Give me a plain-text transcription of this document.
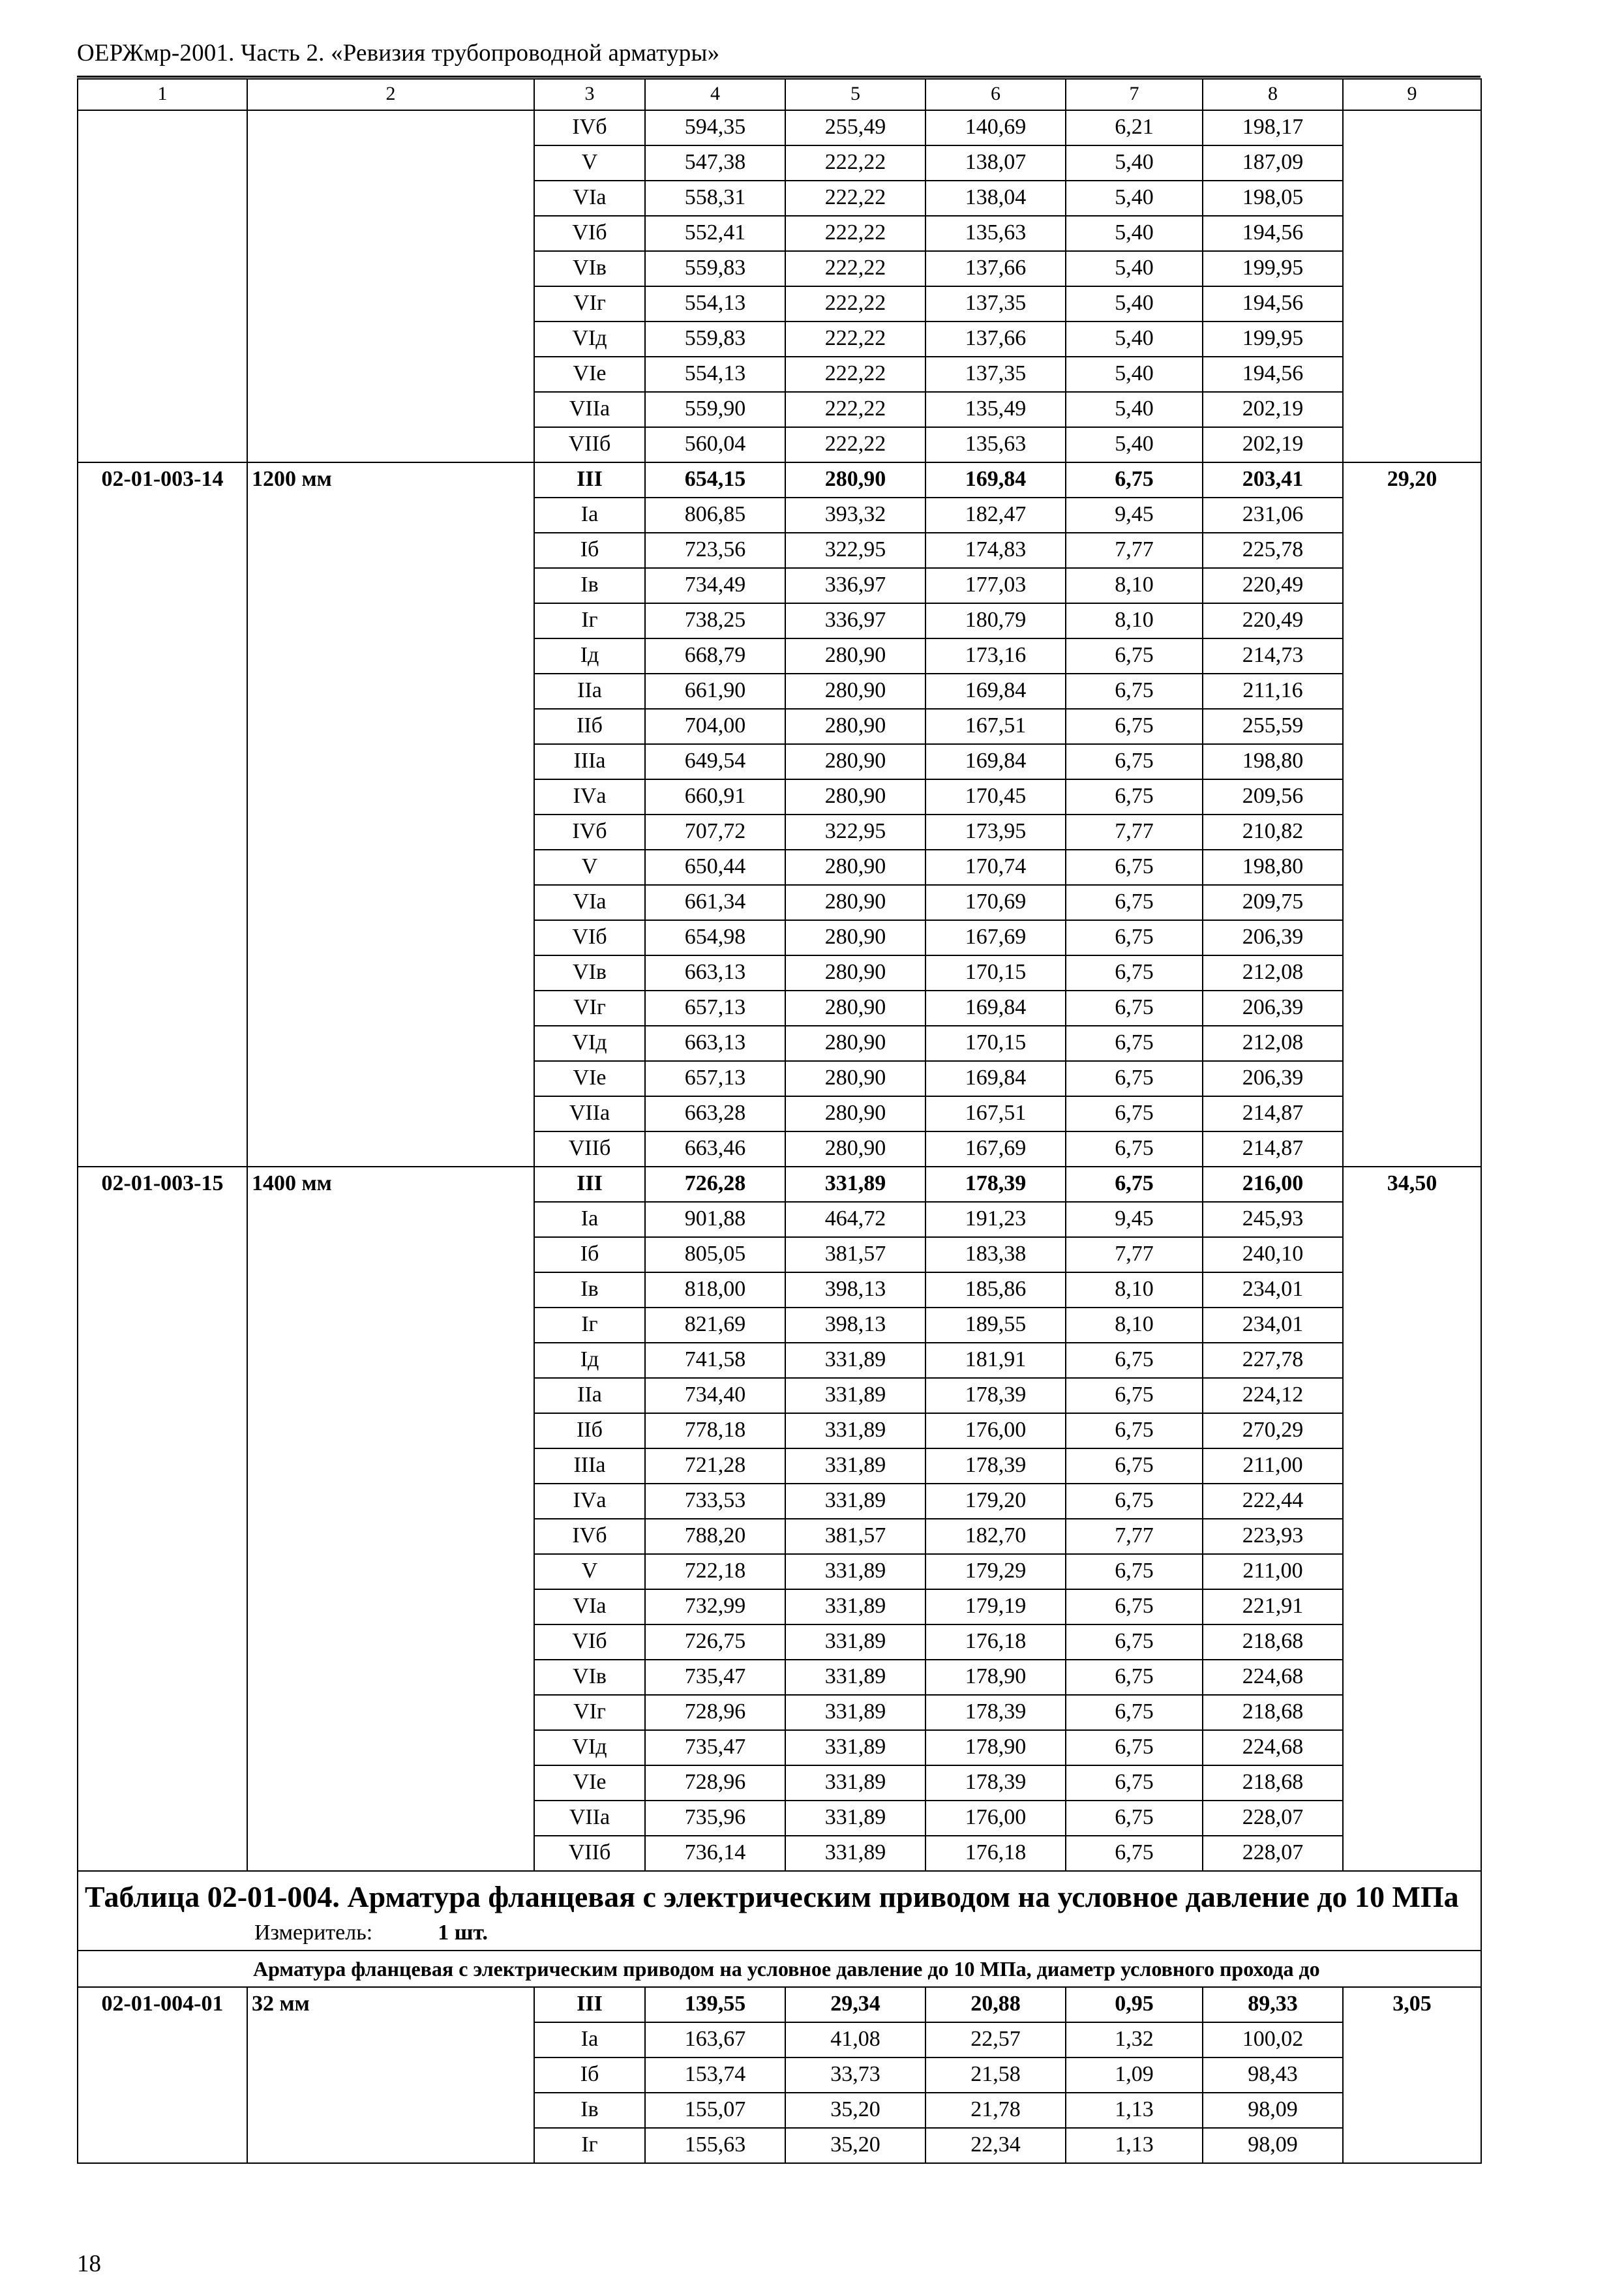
ОЕРЖмр-2001. Часть 2. «Ревизия трубопроводной арматуры»
1	2	3	4	5	6	7	8	9
		IVб	594,35	255,49	140,69	6,21	198,17	
		V	547,38	222,22	138,07	5,40	187,09	
		VIа	558,31	222,22	138,04	5,40	198,05	
		VIб	552,41	222,22	135,63	5,40	194,56	
		VIв	559,83	222,22	137,66	5,40	199,95	
		VIг	554,13	222,22	137,35	5,40	194,56	
		VIд	559,83	222,22	137,66	5,40	199,95	
		VIе	554,13	222,22	137,35	5,40	194,56	
		VIIа	559,90	222,22	135,49	5,40	202,19	
		VIIб	560,04	222,22	135,63	5,40	202,19	
02-01-003-14	1200 мм	III	654,15	280,90	169,84	6,75	203,41	29,20
		Iа	806,85	393,32	182,47	9,45	231,06	
		Iб	723,56	322,95	174,83	7,77	225,78	
		Iв	734,49	336,97	177,03	8,10	220,49	
		Iг	738,25	336,97	180,79	8,10	220,49	
		Iд	668,79	280,90	173,16	6,75	214,73	
		IIа	661,90	280,90	169,84	6,75	211,16	
		IIб	704,00	280,90	167,51	6,75	255,59	
		IIIа	649,54	280,90	169,84	6,75	198,80	
		IVа	660,91	280,90	170,45	6,75	209,56	
		IVб	707,72	322,95	173,95	7,77	210,82	
		V	650,44	280,90	170,74	6,75	198,80	
		VIа	661,34	280,90	170,69	6,75	209,75	
		VIб	654,98	280,90	167,69	6,75	206,39	
		VIв	663,13	280,90	170,15	6,75	212,08	
		VIг	657,13	280,90	169,84	6,75	206,39	
		VIд	663,13	280,90	170,15	6,75	212,08	
		VIе	657,13	280,90	169,84	6,75	206,39	
		VIIа	663,28	280,90	167,51	6,75	214,87	
		VIIб	663,46	280,90	167,69	6,75	214,87	
02-01-003-15	1400 мм	III	726,28	331,89	178,39	6,75	216,00	34,50
		Iа	901,88	464,72	191,23	9,45	245,93	
		Iб	805,05	381,57	183,38	7,77	240,10	
		Iв	818,00	398,13	185,86	8,10	234,01	
		Iг	821,69	398,13	189,55	8,10	234,01	
		Iд	741,58	331,89	181,91	6,75	227,78	
		IIа	734,40	331,89	178,39	6,75	224,12	
		IIб	778,18	331,89	176,00	6,75	270,29	
		IIIа	721,28	331,89	178,39	6,75	211,00	
		IVа	733,53	331,89	179,20	6,75	222,44	
		IVб	788,20	381,57	182,70	7,77	223,93	
		V	722,18	331,89	179,29	6,75	211,00	
		VIа	732,99	331,89	179,19	6,75	221,91	
		VIб	726,75	331,89	176,18	6,75	218,68	
		VIв	735,47	331,89	178,90	6,75	224,68	
		VIг	728,96	331,89	178,39	6,75	218,68	
		VIд	735,47	331,89	178,90	6,75	224,68	
		VIе	728,96	331,89	178,39	6,75	218,68	
		VIIа	735,96	331,89	176,00	6,75	228,07	
		VIIб	736,14	331,89	176,18	6,75	228,07	
Таблица 02-01-004. Арматура фланцевая с электрическим приводом на условное давление до 10 МПа								
Измеритель: 1 шт.								
Арматура фланцевая с электрическим приводом на условное давление до 10 МПа, диаметр условного прохода до								
02-01-004-01	32 мм	III	139,55	29,34	20,88	0,95	89,33	3,05
		Iа	163,67	41,08	22,57	1,32	100,02	
		Iб	153,74	33,73	21,58	1,09	98,43	
		Iв	155,07	35,20	21,78	1,13	98,09	
		Iг	155,63	35,20	22,34	1,13	98,09	
18
